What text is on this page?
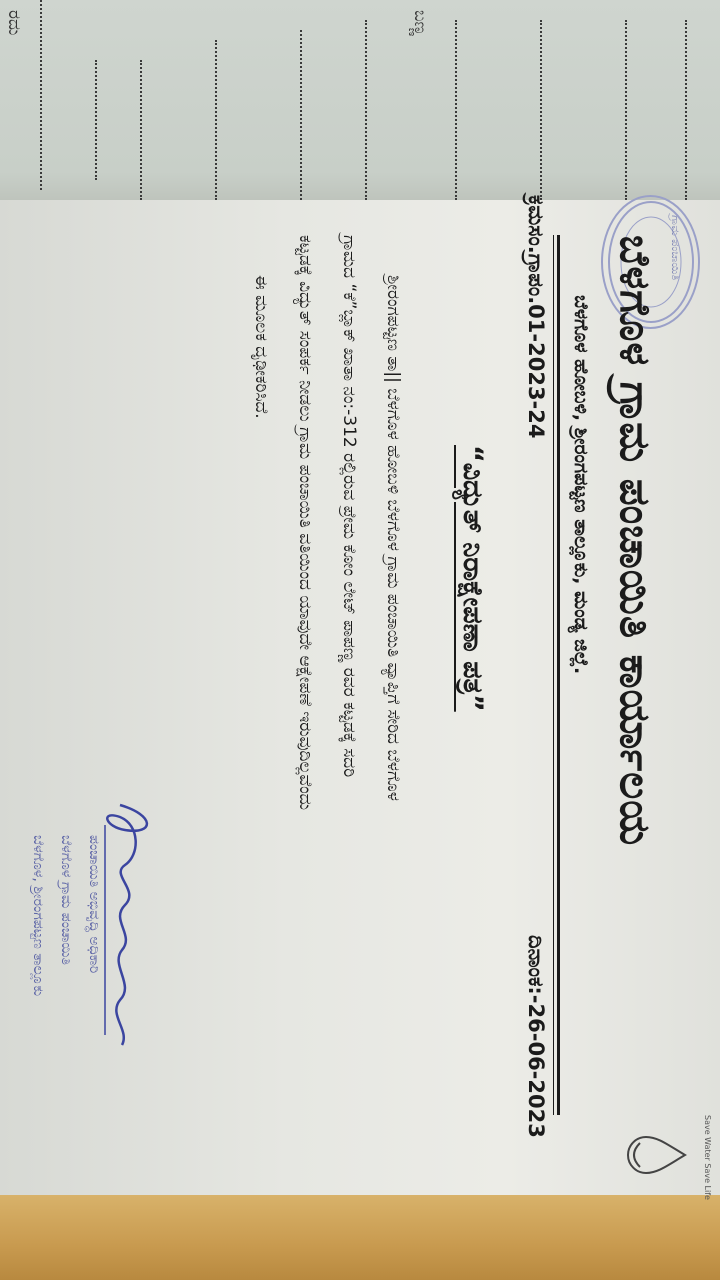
ರದು	ಬಣ್ಣ
ಗ್ರಾಮ ಪಂಚಾಯಿತಿ
Save Water Save Life
ಬೆಳಗೊಳ ಗ್ರಾಮ ಪಂಚಾಯಿತಿ ಕಾರ್ಯಾಲಯ
ಬೆಳಗೊಳ ಹೋಬಳಿ, ಶ್ರೀರಂಗಪಟ್ಟಣ ತಾಲ್ಲೂಕು, ಮಂಡ್ಯ ಜಿಲ್ಲೆ.
ಕ್ರಮಸಂ.ಗ್ರಾಪಂ.01-2023-24
ದಿನಾಂಕ:-26-06-2023
“ವಿದ್ಯುತ್ ನಿರಾಕ್ಷೇಪಣಾ ಪತ್ರ”
ಶ್ರೀರಂಗಪಟ್ಟಣ ತಾ|| ಬೆಳಗೊಳ ಹೋಬಳಿ ಬೆಳಗೊಳ ಗ್ರಾಮ ಪಂಚಾಯಿತಿ ವ್ಯಾಪ್ತಿಗೆ ಸೇರಿದ ಬೆಳಗೊಳ
ಗ್ರಾಮದ “ಕೆ”ಬ್ಲಾಕ್ ಖಾತಾ ನಂ:-312 ರಲ್ಲಿರುವ ಪ್ರೇಮ ಕೋಂ ಲೇಟ್ ಪಾಪಣ್ಣ ರವರ ಕಟ್ಟಡಕ್ಕೆ ಸದರಿ
ಕಟ್ಟಡಕ್ಕೆ ವಿದ್ಯುತ್ ಸಂಪರ್ಕ ನೀಡಲು ಗ್ರಾಮ ಪಂಚಾಯಿತಿ ವತಿಯಿಂದ ಯಾವುದೇ ಆಕ್ಷೇಪಣೆ ಇರುವುದಿಲ್ಲವೆಂದು
ಈ ಮೂಲಕ ದೃಢೀಕರಿಸಿದೆ.
ಪಂಚಾಯಿತಿ ಅಭಿವೃದ್ಧಿ ಅಧಿಕಾರಿ
ಬೆಳಗೊಳ ಗ್ರಾಮ ಪಂಚಾಯಿತಿ
ಬೆಳಗೊಳ, ಶ್ರೀರಂಗಪಟ್ಟಣ ತಾಲ್ಲೂಕು
